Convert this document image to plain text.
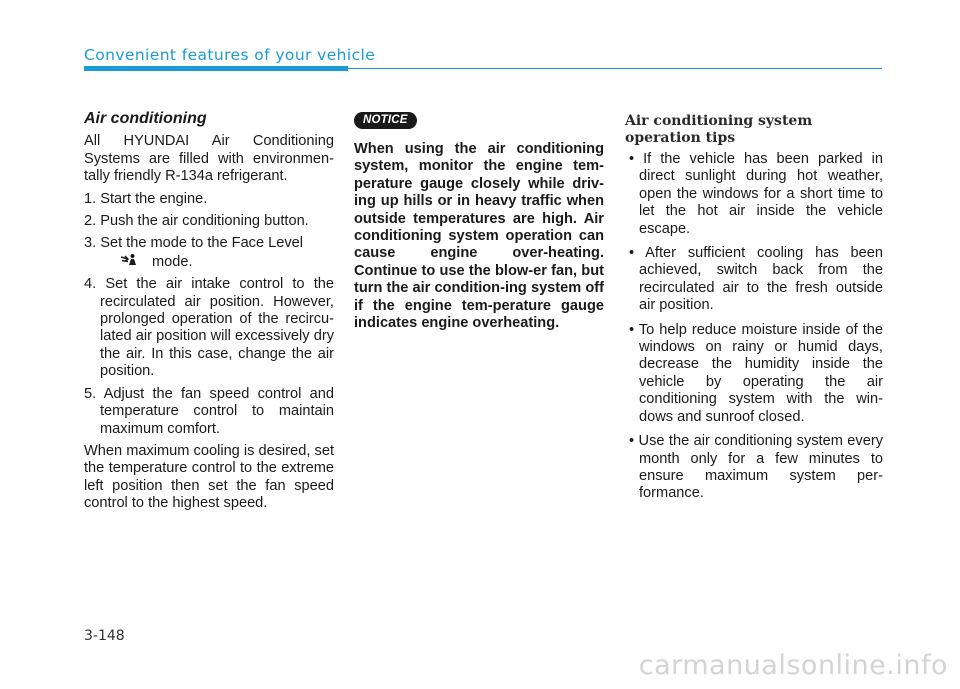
Convenient features of your vehicle

Air conditioning

All HYUNDAI Air Conditioning Systems are filled with environmen-tally friendly R-134a refrigerant.

1. Start the engine.

2. Push the air conditioning button.

3. Set the mode to the Face Level
mode.

4. Set the air intake control to the recirculated air position. However, prolonged operation of the recircu-lated air position will excessively dry the air. In this case, change the air position.

5. Adjust the fan speed control and temperature control to maintain maximum comfort.

When maximum cooling is desired, set the temperature control to the extreme left position then set the fan speed control to the highest speed.

NOTICE

When using the air conditioning system, monitor the engine tem-perature gauge closely while driv-ing up hills or in heavy traffic when outside temperatures are high. Air conditioning system operation can cause engine over-heating. Continue to use the blow-er fan, but turn the air condition-ing system off if the engine tem-perature gauge indicates engine overheating.

Air conditioning system operation tips

• If the vehicle has been parked in direct sunlight during hot weather, open the windows for a short time to let the hot air inside the vehicle escape.

• After sufficient cooling has been achieved, switch back from the recirculated air to the fresh outside air position.

• To help reduce moisture inside of the windows on rainy or humid days, decrease the humidity inside the vehicle by operating the air conditioning system with the win-dows and sunroof closed.

• Use the air conditioning system every month only for a few minutes to ensure maximum system per-formance.

3-148
carmanualsonline.info
